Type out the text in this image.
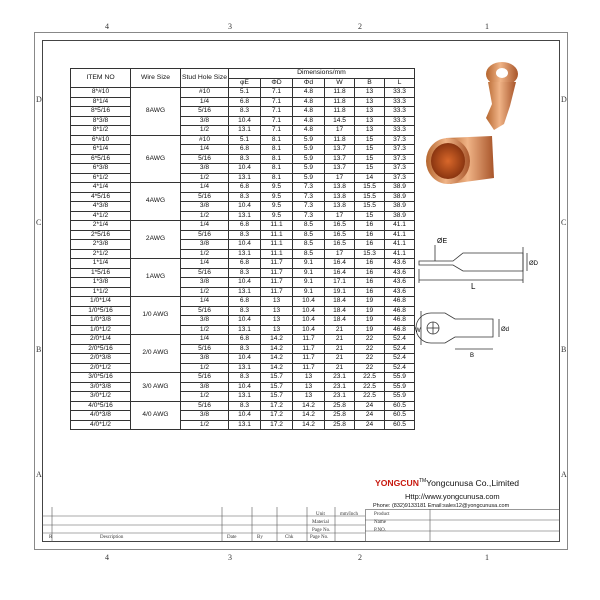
4	3	2	1
4	3	2	1
D
C
B
A
D
C
B
A
ITEM NO	Wire Size	Stud Hole Size	Dimensions/mm					
			φE	ΦD	Φd	W	B	L
8*#10	8AWG	#10	5.1	7.1	4.8	11.8	13	33.3
8*1/4		1/4	6.8	7.1	4.8	11.8	13	33.3
8*5/16		5/16	8.3	7.1	4.8	11.8	13	33.3
8*3/8		3/8	10.4	7.1	4.8	14.5	13	33.3
8*1/2		1/2	13.1	7.1	4.8	17	13	33.3
6*#10	6AWG	#10	5.1	8.1	5.9	11.8	15	37.3
6*1/4		1/4	6.8	8.1	5.9	13.7	15	37.3
6*5/16		5/16	8.3	8.1	5.9	13.7	15	37.3
6*3/8		3/8	10.4	8.1	5.9	13.7	15	37.3
6*1/2		1/2	13.1	8.1	5.9	17	14	37.3
4*1/4	4AWG	1/4	6.8	9.5	7.3	13.8	15.5	38.9
4*5/16		5/16	8.3	9.5	7.3	13.8	15.5	38.9
4*3/8		3/8	10.4	9.5	7.3	13.8	15.5	38.9
4*1/2		1/2	13.1	9.5	7.3	17	15	38.9
2*1/4	2AWG	1/4	6.8	11.1	8.5	16.5	16	41.1
2*5/16		5/16	8.3	11.1	8.5	16.5	16	41.1
2*3/8		3/8	10.4	11.1	8.5	16.5	16	41.1
2*1/2		1/2	13.1	11.1	8.5	17	15.3	41.1
1*1/4	1AWG	1/4	6.8	11.7	9.1	16.4	16	43.6
1*5/16		5/16	8.3	11.7	9.1	16.4	16	43.6
1*3/8		3/8	10.4	11.7	9.1	17.1	16	43.6
1*1/2		1/2	13.1	11.7	9.1	19.1	16	43.6
1/0*1/4	1/0 AWG	1/4	6.8	13	10.4	18.4	19	46.8
1/0*5/16		5/16	8.3	13	10.4	18.4	19	46.8
1/0*3/8		3/8	10.4	13	10.4	18.4	19	46.8
1/0*1/2		1/2	13.1	13	10.4	21	19	46.8
2/0*1/4	2/0 AWG	1/4	6.8	14.2	11.7	21	22	52.4
2/0*5/16		5/16	8.3	14.2	11.7	21	22	52.4
2/0*3/8		3/8	10.4	14.2	11.7	21	22	52.4
2/0*1/2		1/2	13.1	14.2	11.7	21	22	52.4
3/0*5/16	3/0 AWG	5/16	8.3	15.7	13	23.1	22.5	55.9
3/0*3/8		3/8	10.4	15.7	13	23.1	22.5	55.9
3/0*1/2		1/2	13.1	15.7	13	23.1	22.5	55.9
4/0*5/16	4/0 AWG	5/16	8.3	17.2	14.2	25.8	24	60.5
4/0*3/8		3/8	10.4	17.2	14.2	25.8	24	60.5
4/0*1/2		1/2	13.1	17.2	14.2	25.8	24	60.5
ØE
L
ØD
W
B
Ød
YONGCUN™Yongcunusa Co.,Limited
Http://www.yongcunusa.com
Phone: (832)9133181 Email:sales12@yongcunusa.com
R	Description	Date	By	Chk	Page No.
Unit	mm/Inch	Product
Material	Name
Page No.	P.NO.
